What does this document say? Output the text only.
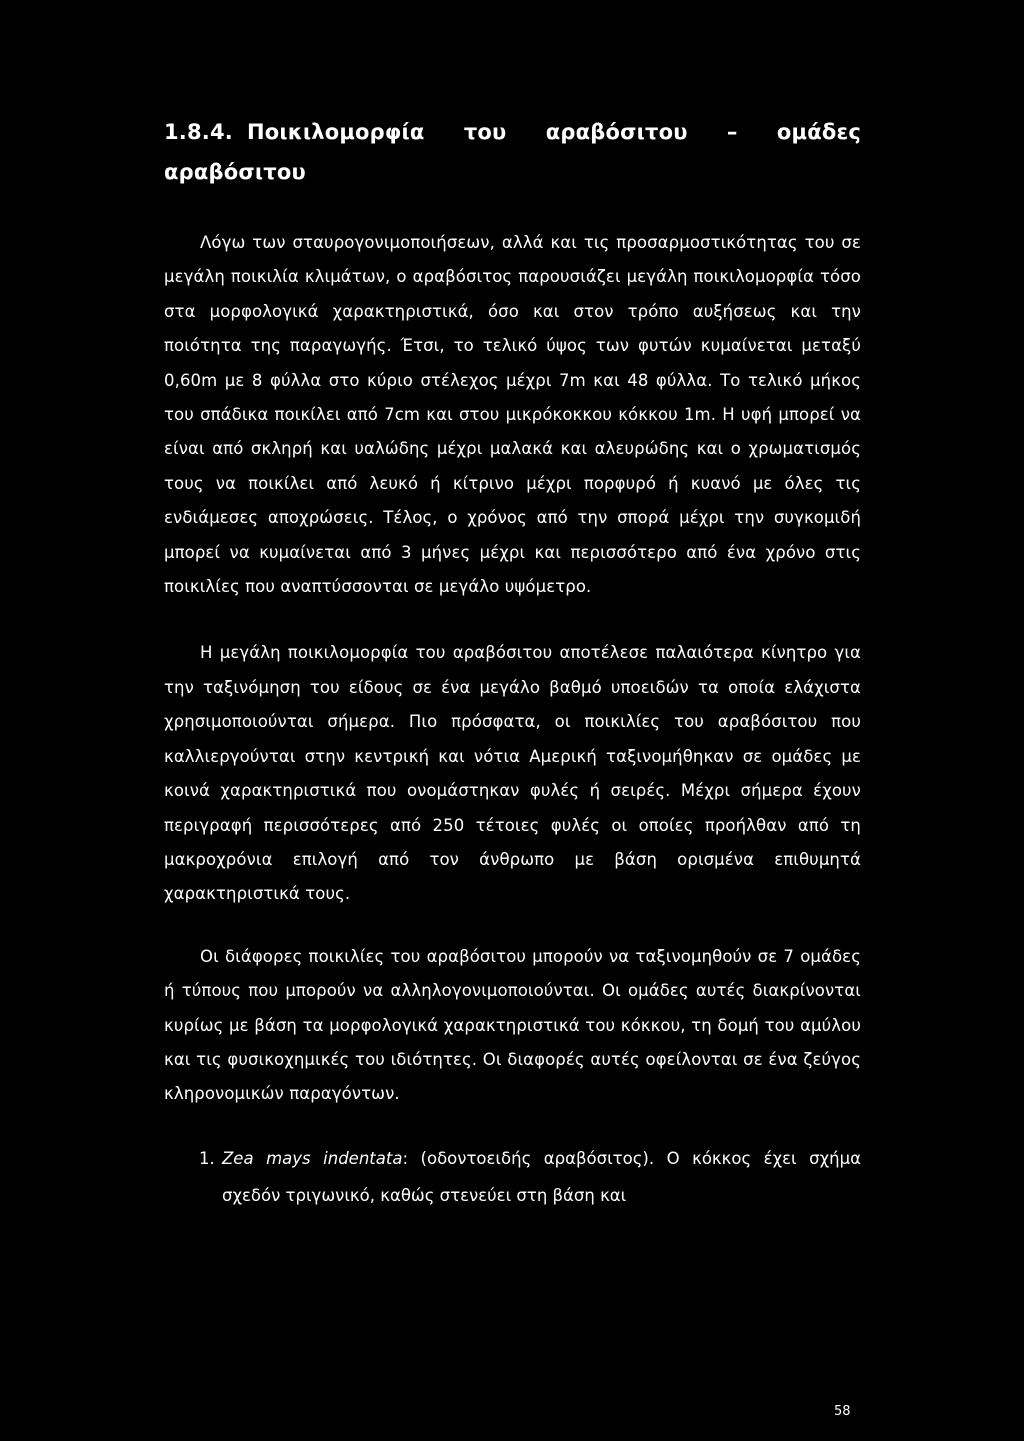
1.8.4. Ποικιλομορφία του αραβόσιτου – ομάδες αραβόσιτου

Λόγω των σταυρογονιμοποιήσεων, αλλά και τις προσαρμοστικότητας του σε μεγάλη ποικιλία κλιμάτων, ο αραβόσιτος παρουσιάζει μεγάλη ποικιλομορφία τόσο στα μορφολογικά χαρακτηριστικά, όσο και στον τρόπο αυξήσεως και την ποιότητα της παραγωγής. Έτσι, το τελικό ύψος των φυτών κυμαίνεται μεταξύ 0,60m με 8 φύλλα στο κύριο στέλεχος μέχρι 7m και 48 φύλλα. Το τελικό μήκος του σπάδικα ποικίλει από 7cm και στου μικρόκοκκου κόκκου 1m. Η υφή μπορεί να είναι από σκληρή και υαλώδης μέχρι μαλακά και αλευρώδης και ο χρωματισμός τους να ποικίλει από λευκό ή κίτρινο μέχρι πορφυρό ή κυανό με όλες τις ενδιάμεσες αποχρώσεις. Τέλος, ο χρόνος από την σπορά μέχρι την συγκομιδή μπορεί να κυμαίνεται από 3 μήνες μέχρι και περισσότερο από ένα χρόνο στις ποικιλίες που αναπτύσσονται σε μεγάλο υψόμετρο.

Η μεγάλη ποικιλομορφία του αραβόσιτου αποτέλεσε παλαιότερα κίνητρο για την ταξινόμηση του είδους σε ένα μεγάλο βαθμό υποειδών τα οποία ελάχιστα χρησιμοποιούνται σήμερα. Πιο πρόσφατα, οι ποικιλίες του αραβόσιτου που καλλιεργούνται στην κεντρική και νότια Αμερική ταξινομήθηκαν σε ομάδες με κοινά χαρακτηριστικά που ονομάστηκαν φυλές ή σειρές. Μέχρι σήμερα έχουν περιγραφή περισσότερες από 250 τέτοιες φυλές οι οποίες προήλθαν από τη μακροχρόνια επιλογή από τον άνθρωπο με βάση ορισμένα επιθυμητά χαρακτηριστικά τους.

Οι διάφορες ποικιλίες του αραβόσιτου μπορούν να ταξινομηθούν σε 7 ομάδες ή τύπους που μπορούν να αλληλογονιμοποιούνται. Οι ομάδες αυτές διακρίνονται κυρίως με βάση τα μορφολογικά χαρακτηριστικά του κόκκου, τη δομή του αμύλου και τις φυσικοχημικές του ιδιότητες. Οι διαφορές αυτές οφείλονται σε ένα ζεύγος κληρονομικών παραγόντων.

1. Zea mays indentata: (οδοντοειδής αραβόσιτος). Ο κόκκος έχει σχήμα σχεδόν τριγωνικό, καθώς στενεύει στη βάση και

58
